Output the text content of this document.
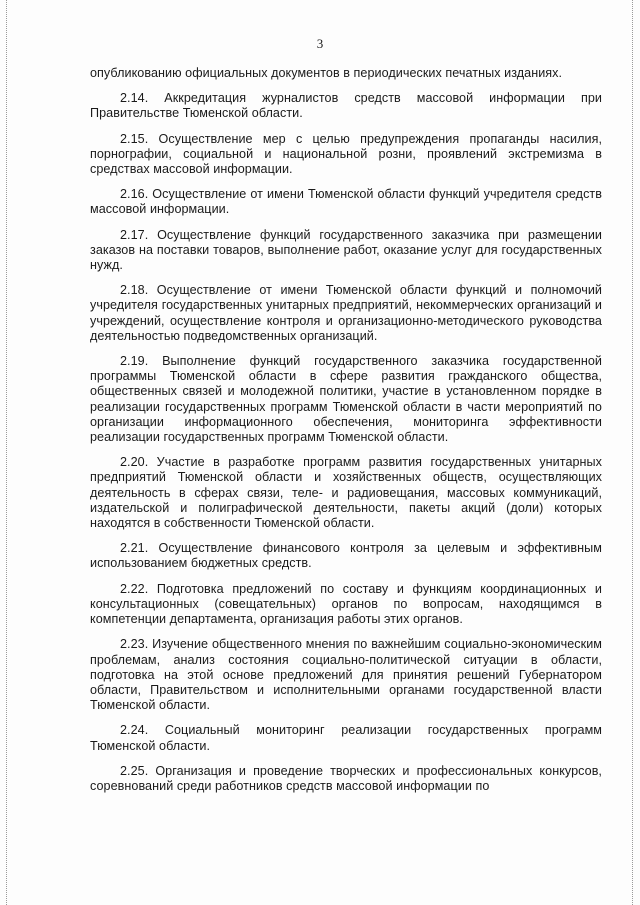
3

опубликованию официальных документов в периодических печатных изданиях.

2.14. Аккредитация журналистов средств массовой информации при Правительстве Тюменской области.

2.15. Осуществление мер с целью предупреждения пропаганды насилия, порнографии, социальной и национальной розни, проявлений экстремизма в средствах массовой информации.

2.16. Осуществление от имени Тюменской области функций учредителя средств массовой информации.

2.17. Осуществление функций государственного заказчика при размещении заказов на поставки товаров, выполнение работ, оказание услуг для государственных нужд.

2.18. Осуществление от имени Тюменской области функций и полномочий учредителя государственных унитарных предприятий, некоммерческих организаций и учреждений, осуществление контроля и организационно-методического руководства деятельностью подведомственных организаций.

2.19. Выполнение функций государственного заказчика государственной программы Тюменской области в сфере развития гражданского общества, общественных связей и молодежной политики, участие в установленном порядке в реализации государственных программ Тюменской области в части мероприятий по организации информационного обеспечения, мониторинга эффективности реализации государственных программ Тюменской области.

2.20. Участие в разработке программ развития государственных унитарных предприятий Тюменской области и хозяйственных обществ, осуществляющих деятельность в сферах связи, теле- и радиовещания, массовых коммуникаций, издательской и полиграфической деятельности, пакеты акций (доли) которых находятся в собственности Тюменской области.

2.21. Осуществление финансового контроля за целевым и эффективным использованием бюджетных средств.

2.22. Подготовка предложений по составу и функциям координационных и консультационных (совещательных) органов по вопросам, находящимся в компетенции департамента, организация работы этих органов.

2.23. Изучение общественного мнения по важнейшим социально-экономическим проблемам, анализ состояния социально-политической ситуации в области, подготовка на этой основе предложений для принятия решений Губернатором области, Правительством и исполнительными органами государственной власти Тюменской области.

2.24. Социальный мониторинг реализации государственных программ Тюменской области.

2.25. Организация и проведение творческих и профессиональных конкурсов, соревнований среди работников средств массовой информации по
